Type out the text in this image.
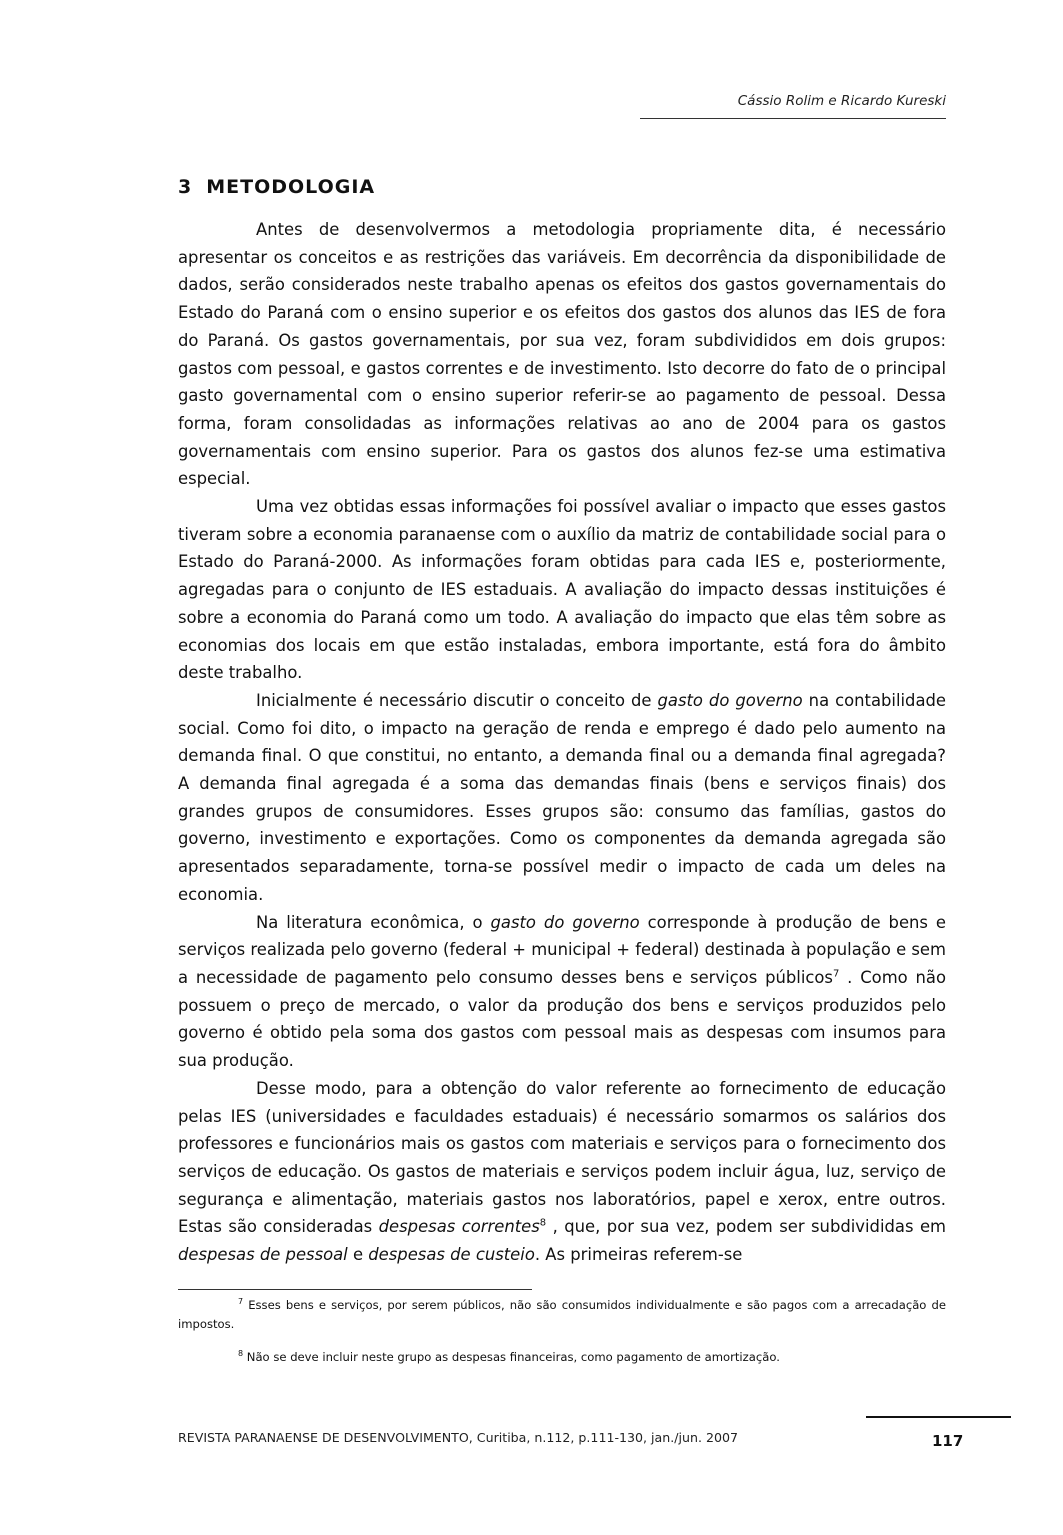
Cássio Rolim e Ricardo Kureski
3 METODOLOGIA

Antes de desenvolvermos a metodologia propriamente dita, é necessário apresentar os conceitos e as restrições das variáveis. Em decorrência da disponibilidade de dados, serão considerados neste trabalho apenas os efeitos dos gastos governamentais do Estado do Paraná com o ensino superior e os efeitos dos gastos dos alunos das IES de fora do Paraná. Os gastos governamentais, por sua vez, foram subdivididos em dois grupos: gastos com pessoal, e gastos correntes e de investimento. Isto decorre do fato de o principal gasto governamental com o ensino superior referir-se ao pagamento de pessoal. Dessa forma, foram consolidadas as informações relativas ao ano de 2004 para os gastos governamentais com ensino superior. Para os gastos dos alunos fez-se uma estimativa especial.

Uma vez obtidas essas informações foi possível avaliar o impacto que esses gastos tiveram sobre a economia paranaense com o auxílio da matriz de contabilidade social para o Estado do Paraná-2000. As informações foram obtidas para cada IES e, posteriormente, agregadas para o conjunto de IES estaduais. A avaliação do impacto dessas instituições é sobre a economia do Paraná como um todo. A avaliação do impacto que elas têm sobre as economias dos locais em que estão instaladas, embora importante, está fora do âmbito deste trabalho.

Inicialmente é necessário discutir o conceito de gasto do governo na contabilidade social. Como foi dito, o impacto na geração de renda e emprego é dado pelo aumento na demanda final. O que constitui, no entanto, a demanda final ou a demanda final agregada? A demanda final agregada é a soma das demandas finais (bens e serviços finais) dos grandes grupos de consumidores. Esses grupos são: consumo das famílias, gastos do governo, investimento e exportações. Como os componentes da demanda agregada são apresentados separadamente, torna-se possível medir o impacto de cada um deles na economia.

Na literatura econômica, o gasto do governo corresponde à produção de bens e serviços realizada pelo governo (federal + municipal + federal) destinada à população e sem a necessidade de pagamento pelo consumo desses bens e serviços públicos$^7$ . Como não possuem o preço de mercado, o valor da produção dos bens e serviços produzidos pelo governo é obtido pela soma dos gastos com pessoal mais as despesas com insumos para sua produção.

Desse modo, para a obtenção do valor referente ao fornecimento de educação pelas IES (universidades e faculdades estaduais) é necessário somarmos os salários dos professores e funcionários mais os gastos com materiais e serviços para o fornecimento dos serviços de educação. Os gastos de materiais e serviços podem incluir água, luz, serviço de segurança e alimentação, materiais gastos nos laboratórios, papel e xerox, entre outros. Estas são consideradas despesas correntes$^8$ , que, por sua vez, podem ser subdivididas em despesas de pessoal e despesas de custeio. As primeiras referem-se

$^7$ Esses bens e serviços, por serem públicos, não são consumidos individualmente e são pagos com a arrecadação de impostos.

$^8$ Não se deve incluir neste grupo as despesas financeiras, como pagamento de amortização.

REVISTA PARANAENSE DE DESENVOLVIMENTO, Curitiba, n.112, p.111-130, jan./jun. 2007	117
